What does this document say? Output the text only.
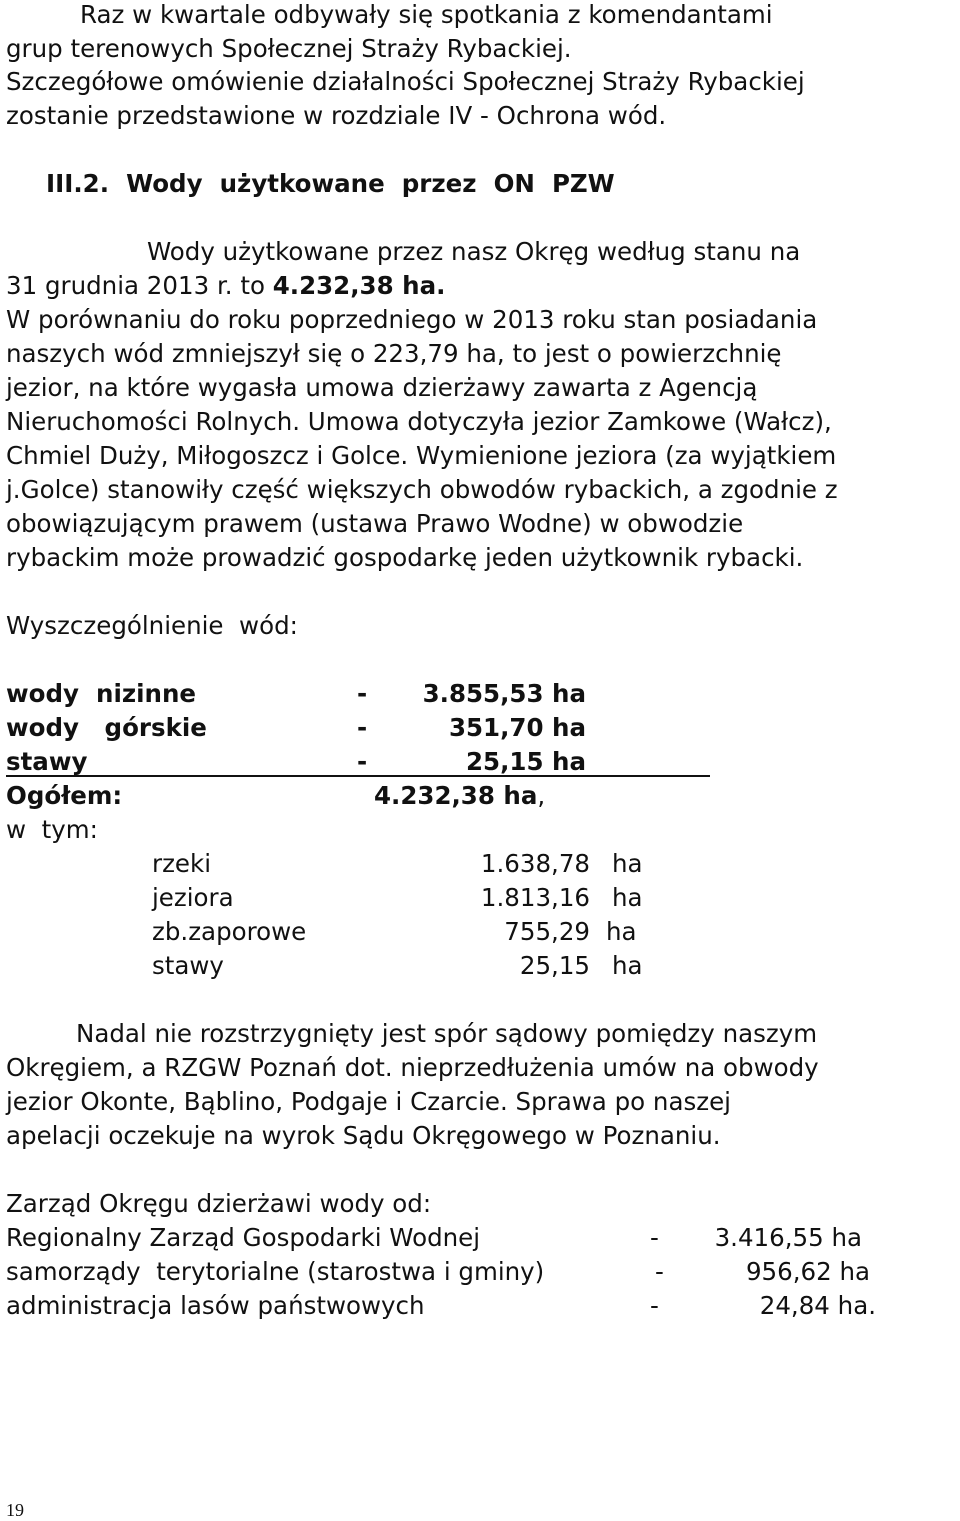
Raz w kwartale odbywały się spotkania z komendantami
grup terenowych Społecznej Straży Rybackiej.
Szczegółowe omówienie działalności Społecznej Straży Rybackiej
zostanie przedstawione w rozdziale IV - Ochrona wód.
III.2.  Wody  użytkowane  przez  ON  PZW
Wody użytkowane przez nasz Okręg według stanu na
31 grudnia 2013 r. to 4.232,38 ha.
W porównaniu do roku poprzedniego w 2013 roku stan posiadania
naszych wód zmniejszył się o 223,79 ha, to jest o powierzchnię
jezior, na które wygasła umowa dzierżawy zawarta z Agencją
Nieruchomości Rolnych. Umowa dotyczyła jezior Zamkowe (Wałcz),
Chmiel Duży, Miłogoszcz i Golce. Wymienione jeziora (za wyjątkiem
j.Golce) stanowiły część większych obwodów rybackich, a zgodnie z
obowiązującym prawem (ustawa Prawo Wodne) w obwodzie
rybackim może prowadzić gospodarkę jeden użytkownik rybacki.
Wyszczególnienie  wód:
wody  nizinne	-	3.855,53 ha
wody   górskie	-	351,70 ha
stawy	-	25,15 ha
Ogółem:	4.232,38 ha,
w  tym:
rzeki	1.638,78 ha
jeziora	1.813,16 ha
zb.zaporowe	755,29 ha
stawy	25,15 ha
Nadal nie rozstrzygnięty jest spór sądowy pomiędzy naszym
Okręgiem, a RZGW Poznań dot. nieprzedłużenia umów na obwody
jezior Okonte, Bąblino, Podgaje i Czarcie. Sprawa po naszej
apelacji oczekuje na wyrok Sądu Okręgowego w Poznaniu.
Zarząd Okręgu dzierżawi wody od:
Regionalny Zarząd Gospodarki Wodnej	-	3.416,55 ha
samorządy  terytorialne (starostwa i gminy)	-	956,62 ha
administracja lasów państwowych	-	24,84 ha.
19
